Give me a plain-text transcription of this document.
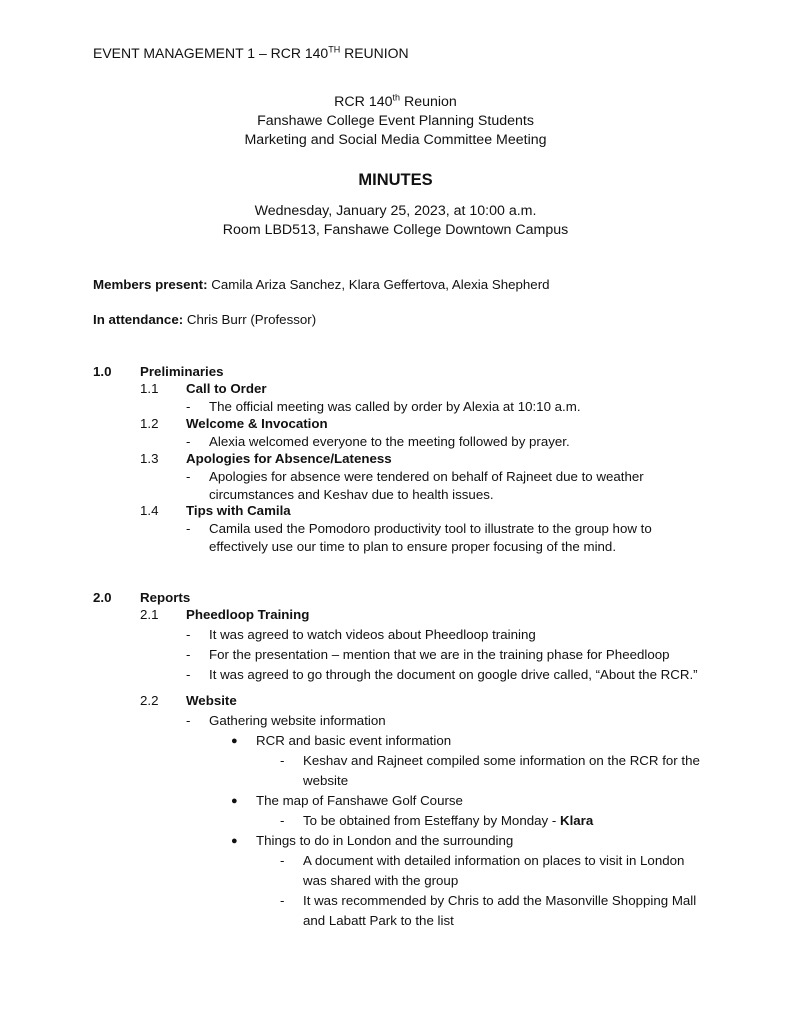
EVENT MANAGEMENT 1 – RCR 140TH REUNION
RCR 140th Reunion
Fanshawe College Event Planning Students
Marketing and Social Media Committee Meeting
MINUTES
Wednesday, January 25, 2023, at 10:00 a.m.
Room LBD513, Fanshawe College Downtown Campus
Members present: Camila Ariza Sanchez, Klara Geffertova, Alexia Shepherd
In attendance: Chris Burr (Professor)
1.0 Preliminaries
1.1 Call to Order
- The official meeting was called by order by Alexia at 10:10 a.m.
1.2 Welcome & Invocation
- Alexia welcomed everyone to the meeting followed by prayer.
1.3 Apologies for Absence/Lateness
- Apologies for absence were tendered on behalf of Rajneet due to weather
circumstances and Keshav due to health issues.
1.4 Tips with Camila
- Camila used the Pomodoro productivity tool to illustrate to the group how to
effectively use our time to plan to ensure proper focusing of the mind.
2.0 Reports
2.1 Pheedloop Training
- It was agreed to watch videos about Pheedloop training
- For the presentation – mention that we are in the training phase for Pheedloop
- It was agreed to go through the document on google drive called, “About the RCR.”
2.2 Website
- Gathering website information
● RCR and basic event information
- Keshav and Rajneet compiled some information on the RCR for the
website
● The map of Fanshawe Golf Course
- To be obtained from Esteffany by Monday - Klara
● Things to do in London and the surrounding
- A document with detailed information on places to visit in London
was shared with the group
- It was recommended by Chris to add the Masonville Shopping Mall
and Labatt Park to the list
